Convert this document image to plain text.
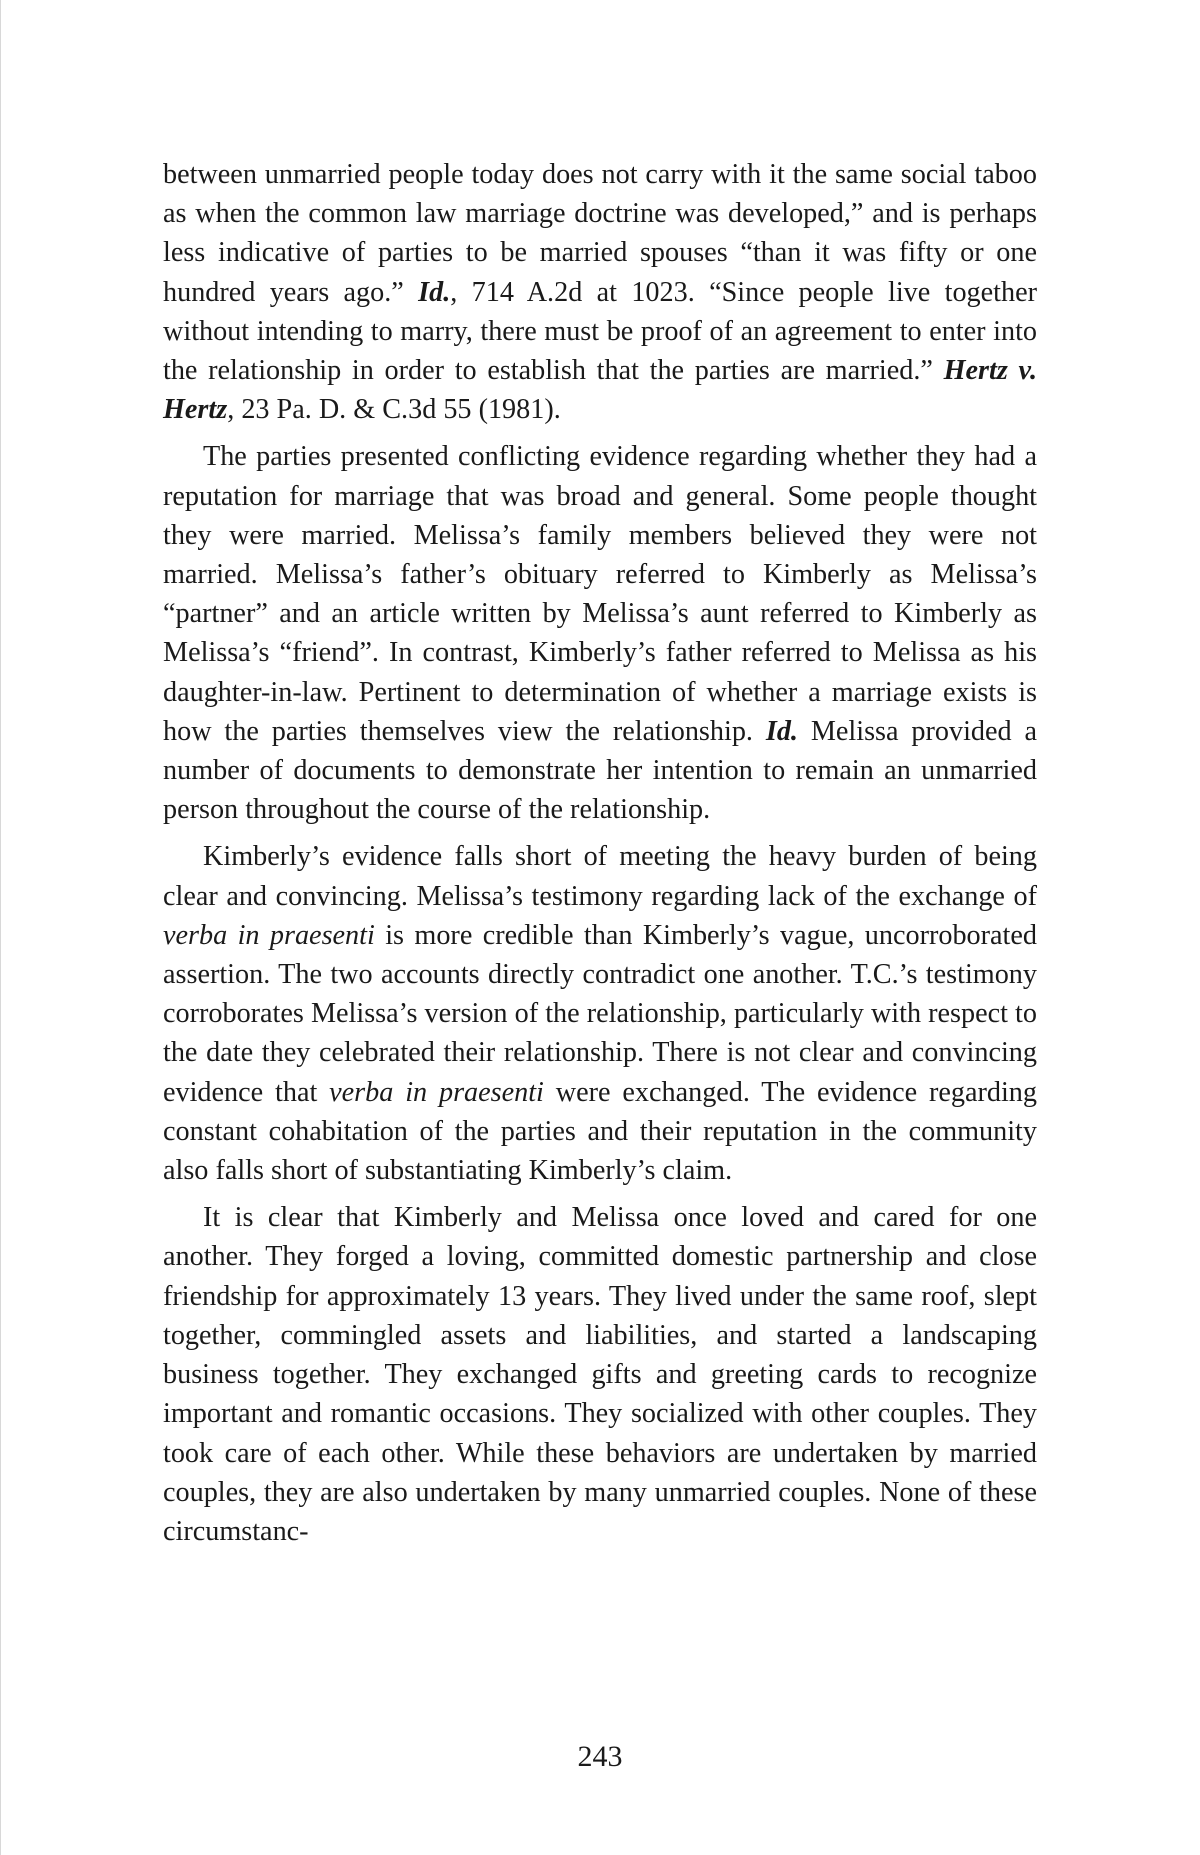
between unmarried people today does not carry with it the same social taboo as when the common law marriage doctrine was developed,” and is perhaps less indicative of parties to be married spouses “than it was fifty or one hundred years ago.” Id., 714 A.2d at 1023. “Since people live together without intending to marry, there must be proof of an agreement to enter into the relationship in order to establish that the parties are married.” Hertz v. Hertz, 23 Pa. D. & C.3d 55 (1981).

The parties presented conflicting evidence regarding whether they had a reputation for marriage that was broad and general. Some people thought they were married. Melissa’s family members believed they were not married. Melissa’s father’s obituary referred to Kimberly as Melissa’s “partner” and an article written by Melissa’s aunt referred to Kimberly as Melissa’s “friend”. In contrast, Kimberly’s father referred to Melissa as his daughter-in-law. Pertinent to determination of whether a marriage exists is how the parties themselves view the relationship. Id. Melissa provided a number of documents to demonstrate her intention to remain an unmarried person throughout the course of the relationship.

Kimberly’s evidence falls short of meeting the heavy burden of being clear and convincing. Melissa’s testimony regarding lack of the exchange of verba in praesenti is more credible than Kimberly’s vague, uncorroborated assertion. The two accounts directly contradict one another. T.C.’s testimony corroborates Melissa’s version of the relationship, particularly with respect to the date they celebrated their relationship. There is not clear and convincing evidence that verba in praesenti were exchanged. The evidence regarding constant cohabitation of the parties and their reputation in the community also falls short of substantiating Kimberly’s claim.

It is clear that Kimberly and Melissa once loved and cared for one another. They forged a loving, committed domestic partnership and close friendship for approximately 13 years. They lived under the same roof, slept together, commingled assets and liabilities, and started a landscaping business together. They exchanged gifts and greeting cards to recognize important and romantic occasions. They socialized with other couples. They took care of each other. While these behaviors are undertaken by married couples, they are also undertaken by many unmarried couples. None of these circumstanc-

243
